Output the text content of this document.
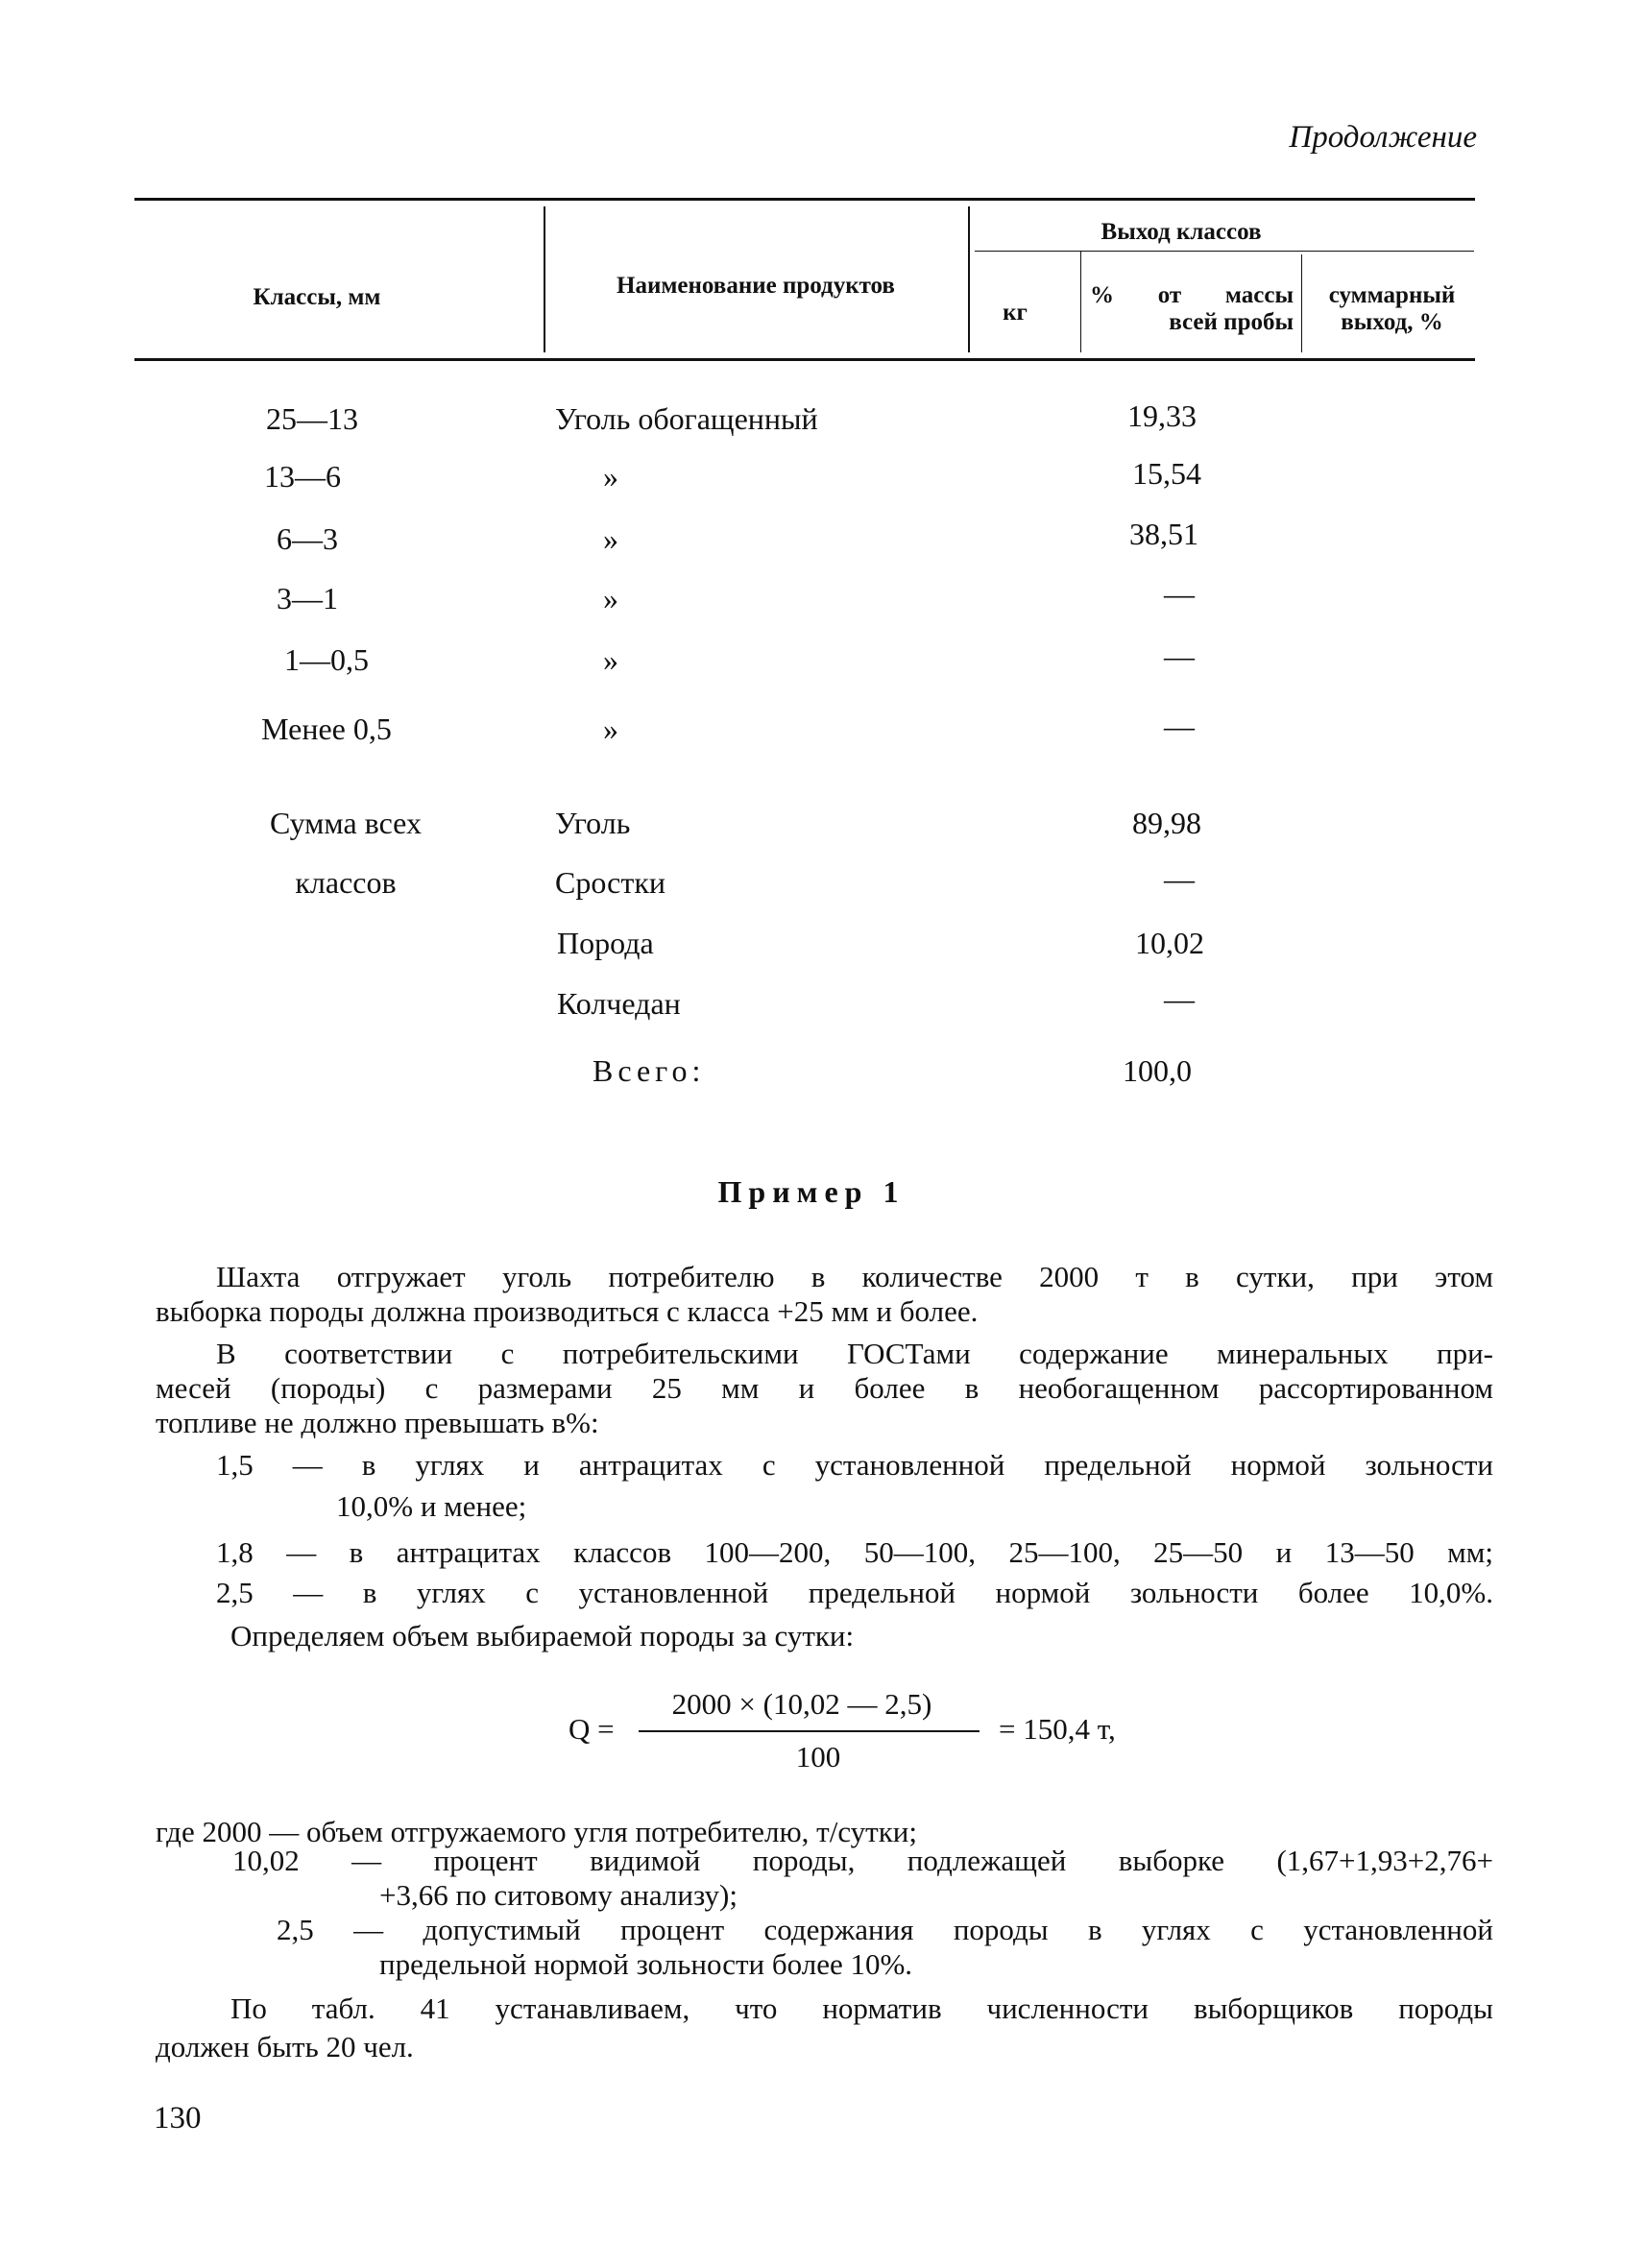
Продолжение
Классы, мм	Наименование продуктов
Выход классов
кг
% от массы
всей пробы
суммарный
выход, %
25—13
13—6
6—3
3—1
1—0,5
Менее 0,5
Сумма всех
классов
Уголь обогащенный
»
»
»
»
»
Уголь
Сростки
Порода
Колчедан
Всего:
19,33
15,54
38,51
—
—
—
89,98
—
10,02
—
100,0
Пример 1
Шахта отгружает уголь потребителю в количестве 2000 т в сутки, при этом
выборка породы должна производиться с класса +25 мм и более.
В соответствии с потребительскими ГОСТами содержание минеральных при-
месей (породы) с размерами 25 мм и более в необогащенном рассортированном
топливе не должно превышать в%:
1,5 — в углях и антрацитах с установленной предельной нормой зольности
10,0% и менее;
1,8 — в антрацитах классов 100—200, 50—100, 25—100, 25—50 и 13—50 мм;
2,5 — в углях с установленной предельной нормой зольности более 10,0%.
Определяем объем выбираемой породы за сутки:
Q =
2000 × (10,02 — 2,5)
100
= 150,4 т,
где 2000 — объем отгружаемого угля потребителю, т/сутки;
10,02 — процент видимой породы, подлежащей выборке (1,67+1,93+2,76+
+3,66 по ситовому анализу);
2,5 — допустимый процент содержания породы в углях с установленной
предельной нормой зольности более 10%.
По табл. 41 устанавливаем, что норматив численности выборщиков породы
должен быть 20 чел.
130
